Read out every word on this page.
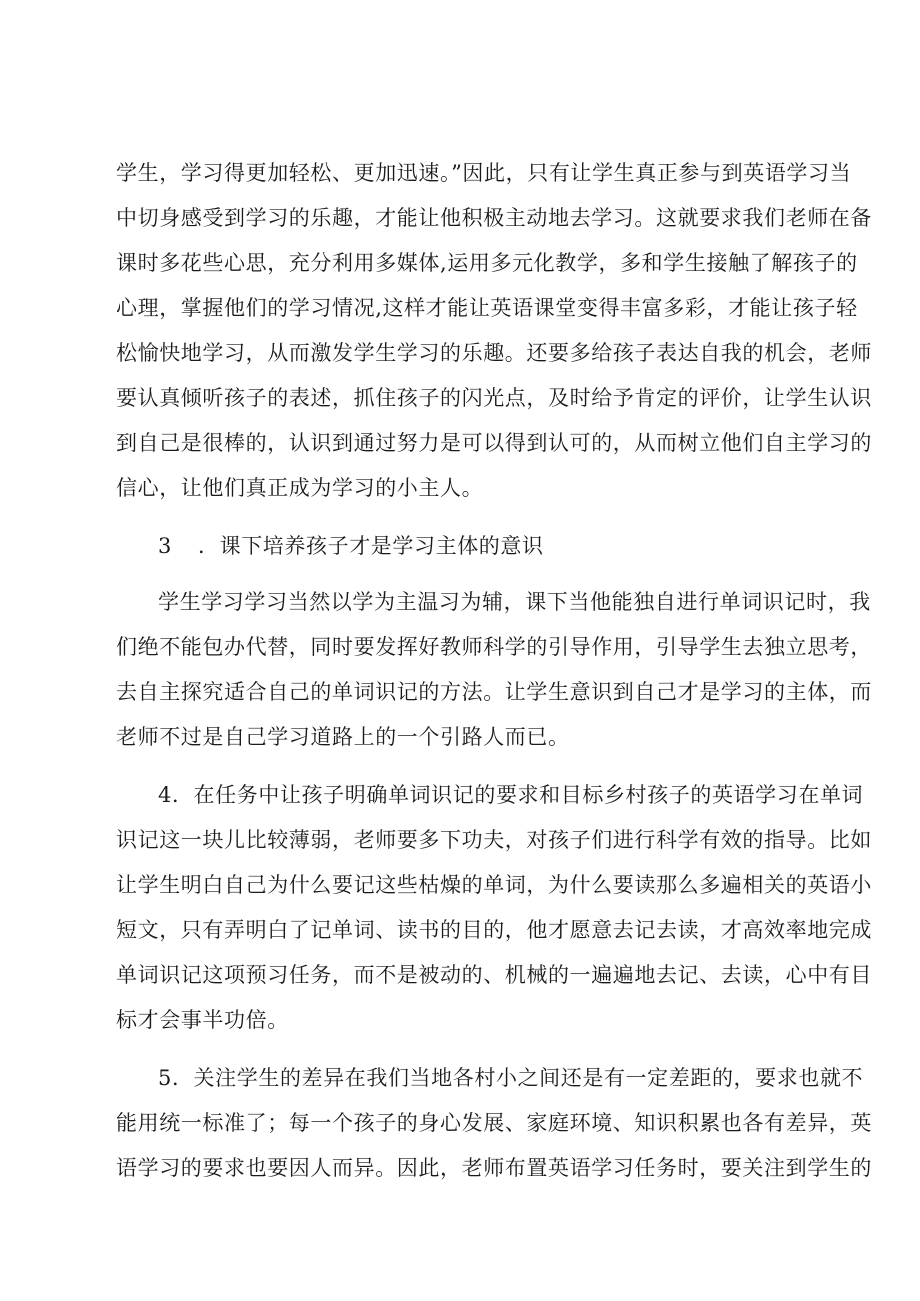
学生，学习得更加轻松、更加迅速。”因此，只有让学生真正参与到英语学习当
中切身感受到学习的乐趣，才能让他积极主动地去学习。这就要求我们老师在备
课时多花些心思，充分利用多媒体,运用多元化教学，多和学生接触了解孩子的
心理，掌握他们的学习情况,这样才能让英语课堂变得丰富多彩，才能让孩子轻
松愉快地学习，从而激发学生学习的乐趣。还要多给孩子表达自我的机会，老师
要认真倾听孩子的表述，抓住孩子的闪光点，及时给予肯定的评价，让学生认识
到自己是很棒的，认识到通过努力是可以得到认可的，从而树立他们自主学习的
信心，让他们真正成为学习的小主人。
3 ．课下培养孩子才是学习主体的意识
学生学习学习当然以学为主温习为辅，课下当他能独自进行单词识记时，我
们绝不能包办代替，同时要发挥好教师科学的引导作用，引导学生去独立思考，
去自主探究适合自己的单词识记的方法。让学生意识到自己才是学习的主体，而
老师不过是自己学习道路上的一个引路人而已。
4．在任务中让孩子明确单词识记的要求和目标乡村孩子的英语学习在单词
识记这一块儿比较薄弱，老师要多下功夫，对孩子们进行科学有效的指导。比如
让学生明白自己为什么要记这些枯燥的单词，为什么要读那么多遍相关的英语小
短文，只有弄明白了记单词、读书的目的，他才愿意去记去读，才高效率地完成
单词识记这项预习任务，而不是被动的、机械的一遍遍地去记、去读，心中有目
标才会事半功倍。
5．关注学生的差异在我们当地各村小之间还是有一定差距的，要求也就不
能用统一标准了；每一个孩子的身心发展、家庭环境、知识积累也各有差异，英
语学习的要求也要因人而异。因此，老师布置英语学习任务时，要关注到学生的
